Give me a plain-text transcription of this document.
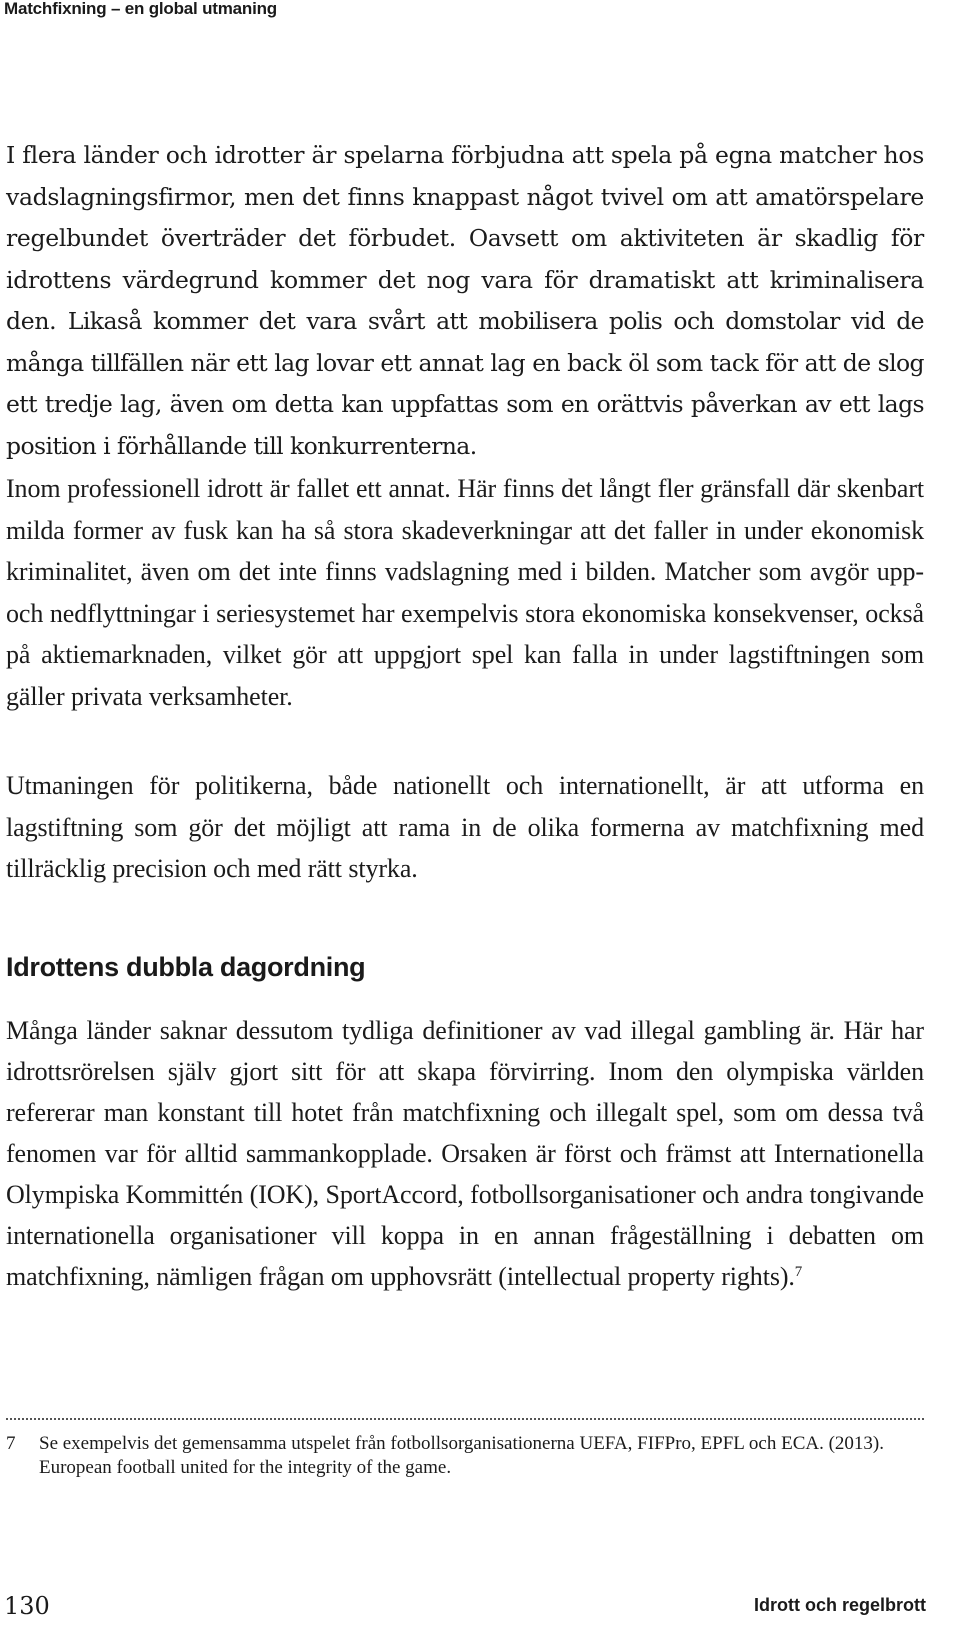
Matchfixning – en global utmaning

I flera länder och idrotter är spelarna förbjudna att spela på egna matcher hos vadslagningsfirmor, men det finns knappast något tvivel om att amatörspelare regelbundet överträder det förbudet. Oavsett om aktiviteten är skadlig för idrottens värdegrund kommer det nog vara för dramatiskt att kriminalisera den. Likaså kommer det vara svårt att mobilisera polis och domstolar vid de många tillfällen när ett lag lovar ett annat lag en back öl som tack för att de slog ett tredje lag, även om detta kan uppfattas som en orättvis påverkan av ett lags position i förhållande till konkurrenterna.

Inom professionell idrott är fallet ett annat. Här finns det långt fler gränsfall där skenbart milda former av fusk kan ha så stora skadeverkningar att det faller in under ekonomisk kriminalitet, även om det inte finns vadslagning med i bilden. Matcher som avgör upp- och nedflyttningar i seriesystemet har exempelvis stora ekonomiska konsekvenser, också på aktiemarknaden, vilket gör att uppgjort spel kan falla in under lagstiftningen som gäller privata verksamheter.

Utmaningen för politikerna, både nationellt och internationellt, är att utforma en lagstiftning som gör det möjligt att rama in de olika formerna av matchfixning med tillräcklig precision och med rätt styrka.

Idrottens dubbla dagordning

Många länder saknar dessutom tydliga definitioner av vad illegal gambling är. Här har idrottsrörelsen själv gjort sitt för att skapa förvirring. Inom den olympiska världen refererar man konstant till hotet från matchfixning och illegalt spel, som om dessa två fenomen var för alltid sammankopplade. Orsaken är först och främst att Internationella Olympiska Kommittén (IOK), SportAccord, fotbollsorganisationer och andra tongivande internationella organisationer vill koppa in en annan frågeställning i debatten om matchfixning, nämligen frågan om upphovsrätt (intellectual property rights).$^7$

7 Se exempelvis det gemensamma utspelet från fotbollsorganisationerna UEFA, FIFPro, EPFL och ECA. (2013). European football united for the integrity of the game.
130	Idrott och regelbrott
